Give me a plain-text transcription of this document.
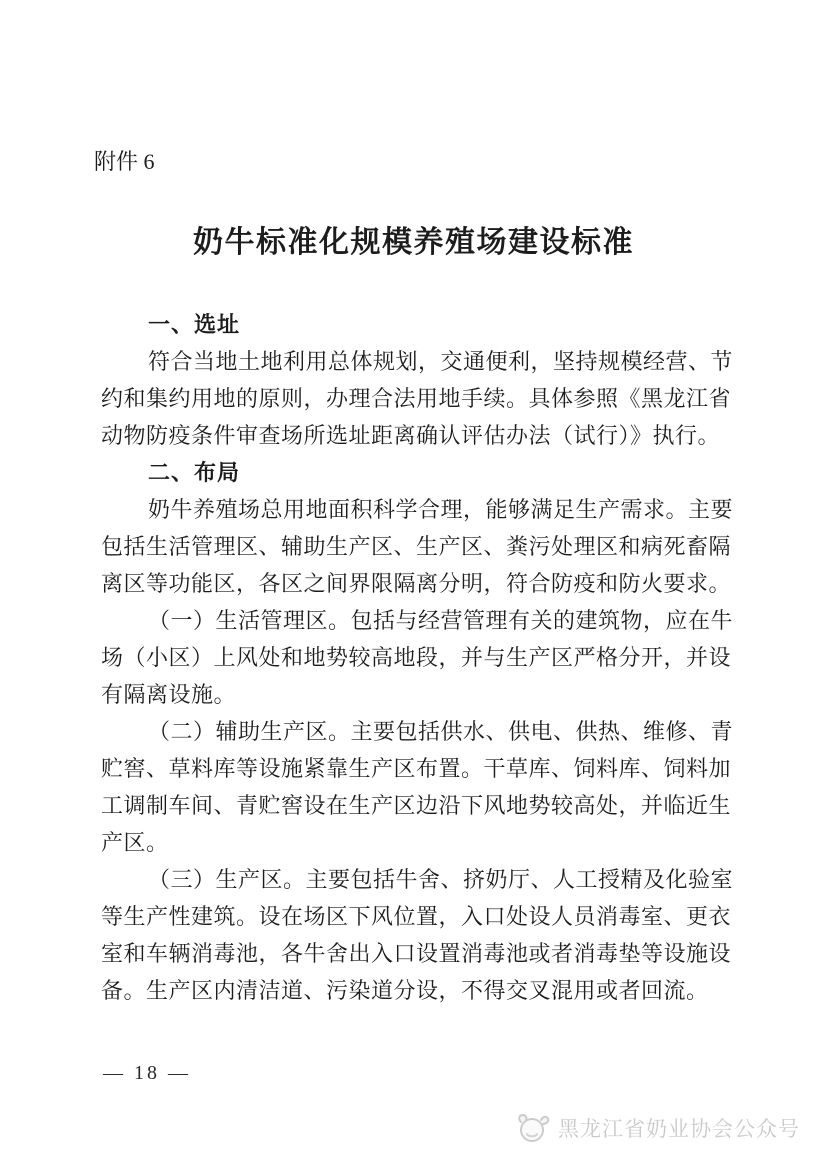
附件 6
奶牛标准化规模养殖场建设标准
一、选址
符合当地土地利用总体规划，交通便利，坚持规模经营、节
约和集约用地的原则，办理合法用地手续。具体参照《黑龙江省
动物防疫条件审查场所选址距离确认评估办法（试行）》执行。
二、布局
奶牛养殖场总用地面积科学合理，能够满足生产需求。主要
包括生活管理区、辅助生产区、生产区、粪污处理区和病死畜隔
离区等功能区，各区之间界限隔离分明，符合防疫和防火要求。
（一）生活管理区。包括与经营管理有关的建筑物，应在牛
场（小区）上风处和地势较高地段，并与生产区严格分开，并设
有隔离设施。
（二）辅助生产区。主要包括供水、供电、供热、维修、青
贮窖、草料库等设施紧靠生产区布置。干草库、饲料库、饲料加
工调制车间、青贮窖设在生产区边沿下风地势较高处，并临近生
产区。
（三）生产区。主要包括牛舍、挤奶厅、人工授精及化验室
等生产性建筑。设在场区下风位置，入口处设人员消毒室、更衣
室和车辆消毒池，各牛舍出入口设置消毒池或者消毒垫等设施设
备。生产区内清洁道、污染道分设，不得交叉混用或者回流。
— 18 —
黑龙江省奶业协会公众号
